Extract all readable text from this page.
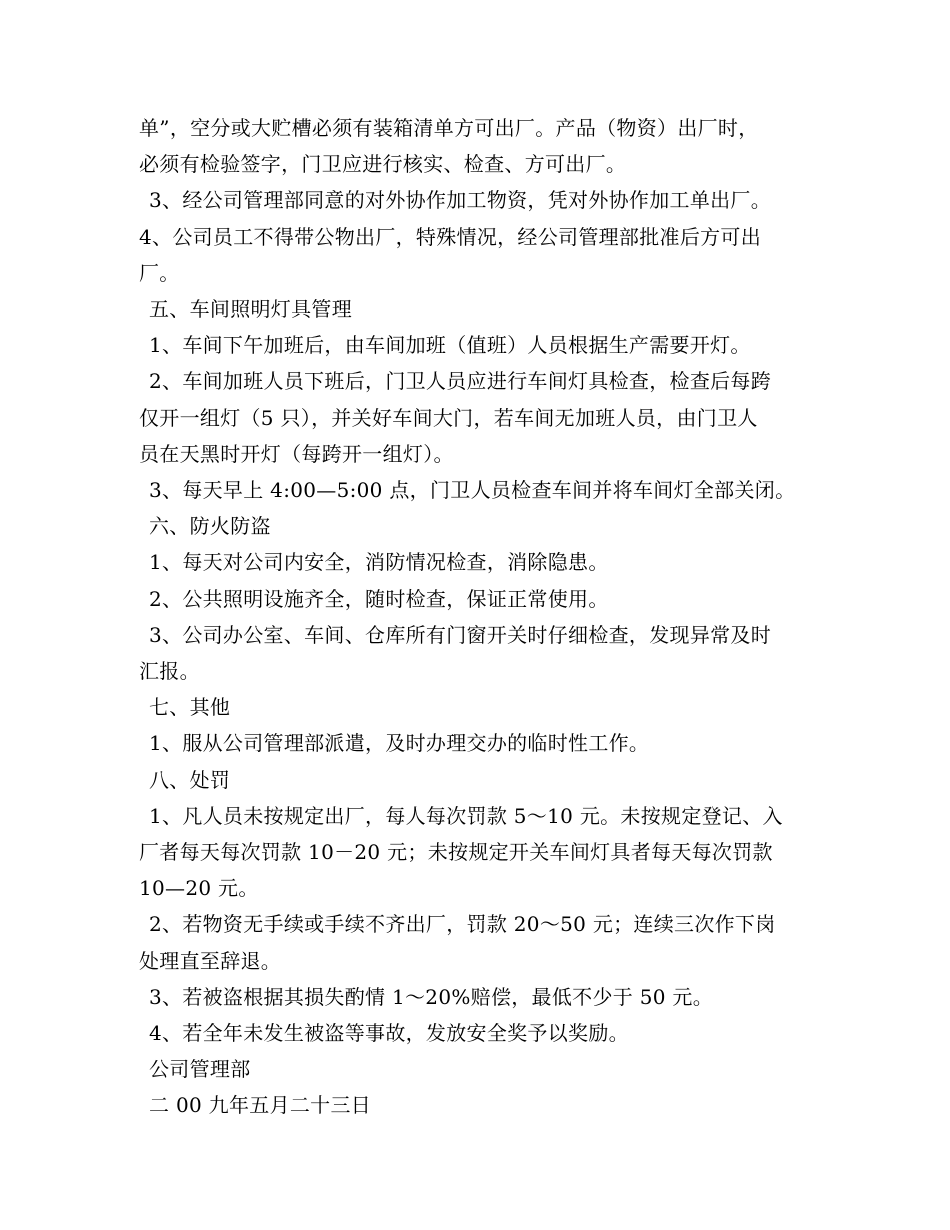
单”，空分或大贮槽必须有装箱清单方可出厂。产品（物资）出厂时，
必须有检验签字，门卫应进行核实、检查、方可出厂。
3、经公司管理部同意的对外协作加工物资，凭对外协作加工单出厂。
4、公司员工不得带公物出厂，特殊情况，经公司管理部批准后方可出
厂。
五、车间照明灯具管理
1、车间下午加班后，由车间加班（值班）人员根据生产需要开灯。
2、车间加班人员下班后，门卫人员应进行车间灯具检查，检查后每跨
仅开一组灯（5 只），并关好车间大门，若车间无加班人员，由门卫人
员在天黑时开灯（每跨开一组灯）。
3、每天早上 4:00—5:00 点，门卫人员检查车间并将车间灯全部关闭。
六、防火防盗
1、每天对公司内安全，消防情况检查，消除隐患。
2、公共照明设施齐全，随时检查，保证正常使用。
3、公司办公室、车间、仓库所有门窗开关时仔细检查，发现异常及时
汇报。
七、其他
1、服从公司管理部派遣，及时办理交办的临时性工作。
八、处罚
1、凡人员未按规定出厂，每人每次罚款 5～10 元。未按规定登记、入
厂者每天每次罚款 10－20 元；未按规定开关车间灯具者每天每次罚款
10—20 元。
2、若物资无手续或手续不齐出厂，罚款 20～50 元；连续三次作下岗
处理直至辞退。
3、若被盗根据其损失酌情 1～20%赔偿，最低不少于 50 元。
4、若全年未发生被盗等事故，发放安全奖予以奖励。
公司管理部
二 00 九年五月二十三日
